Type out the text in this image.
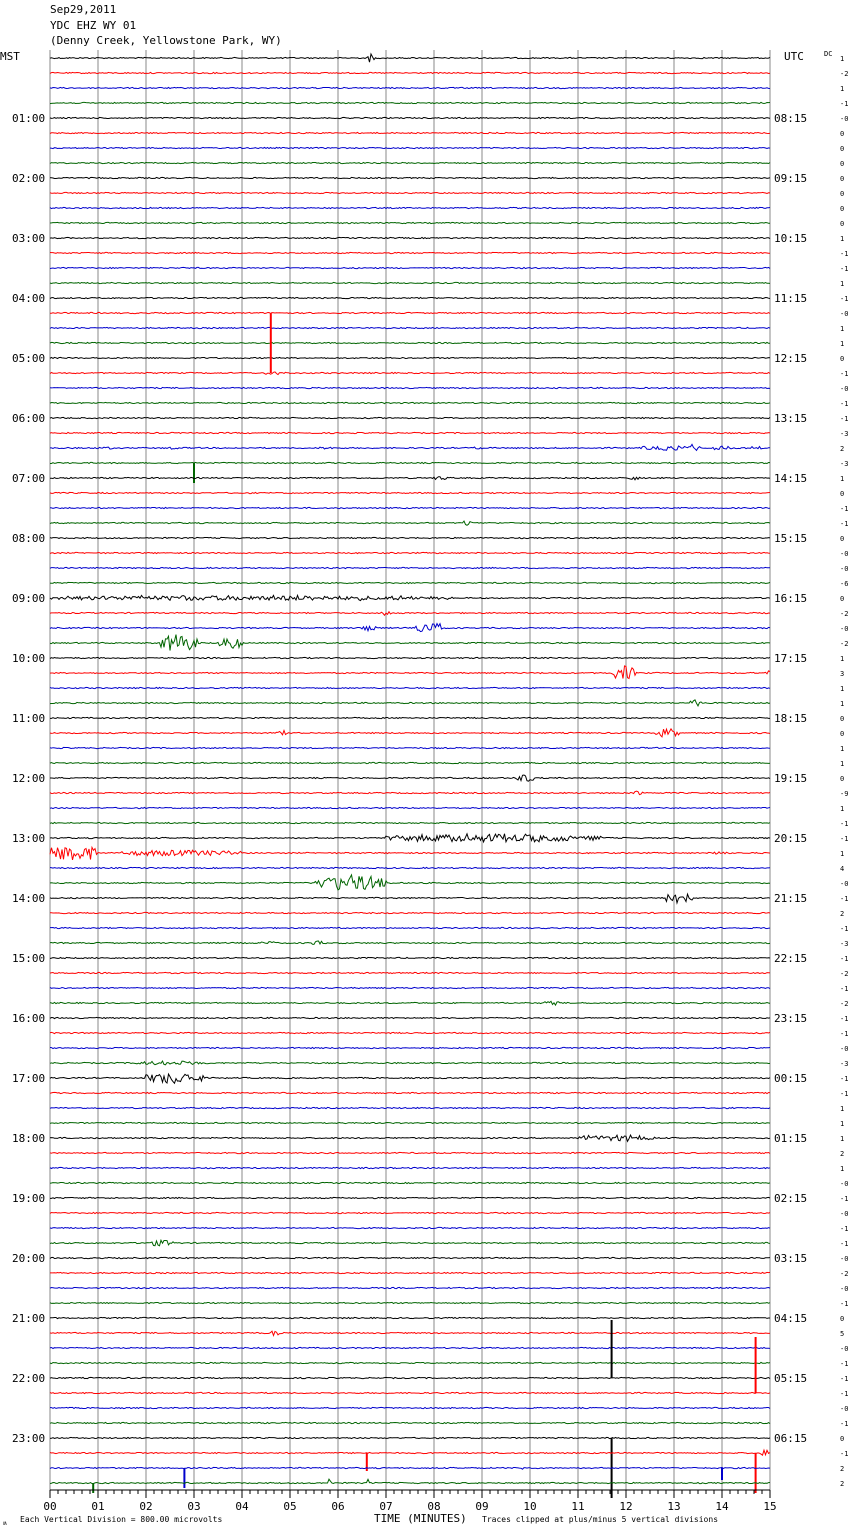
Sep29,2011
YDC EHZ WY 01
(Denny Creek, Yellowstone Park, WY)
MST	UTC	DC
Each Vertical Division = 800.00 microvolts	TIME (MINUTES) Traces clipped at plus/minus 5 vertical divisions
ʍ
1
-2
1
-1
-0
0
0
0
0
0
0
0
1
-1
-1
1
-1
-0
1
1
0
-1
-0
-1
-1
-3
2
-3
1
0
-1
-1
0
-0
-0
-6
0
-2
-0
-2
1
3
1
1
0
0
1
1
0
-9
1
-1
-1
1
4
-0
-1
2
-1
-3
-1
-2
-1
-2
-1
-1
-0
-3
-1
-1
1
1
1
2
1
-0
-1
-0
-1
-1
-0
-2
-0
-1
0
5
-0
-1
-1
-1
-0
-1
0
-1
2
2
01:00
02:00
03:00
04:00
05:00
06:00
07:00
08:00
09:00
10:00
11:00
12:00
13:00
14:00
15:00
16:00
17:00
18:00
19:00
20:00
21:00
22:00
23:00
08:15
09:15
10:15
11:15
12:15
13:15
14:15
15:15
16:15
17:15
18:15
19:15
20:15
21:15
22:15
23:15
00:15
01:15
02:15
03:15
04:15
05:15
06:15
00	01	02	03	04	05	06	07	08	09	10	11	12	13	14	15
